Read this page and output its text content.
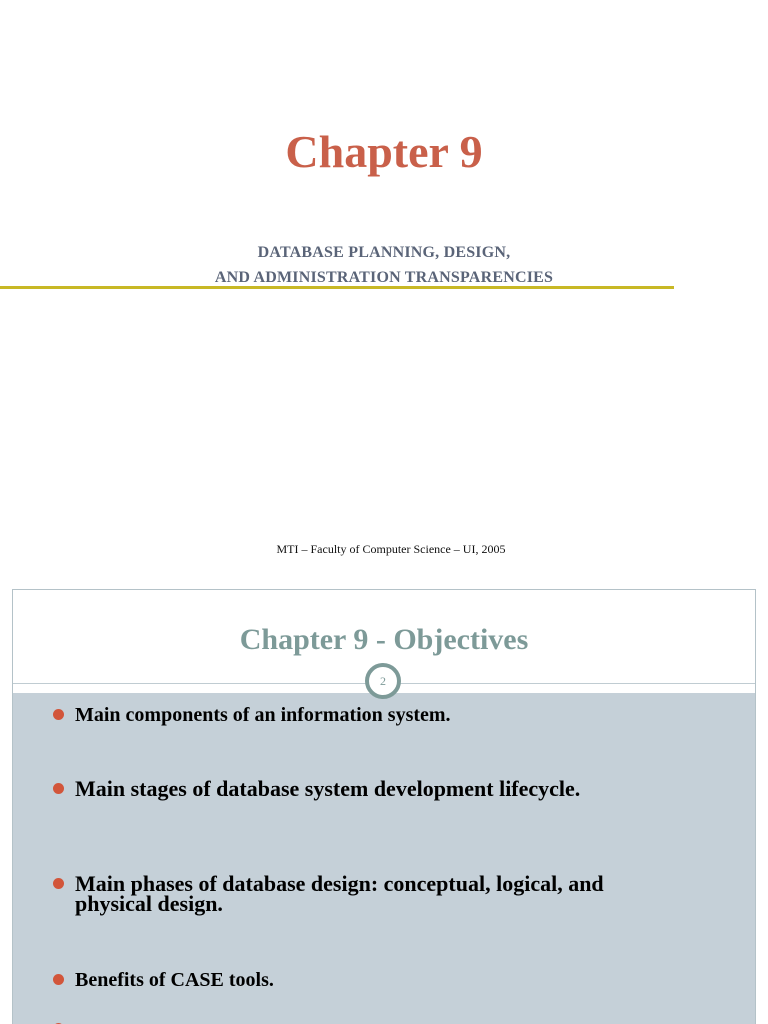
Chapter 9
DATABASE PLANNING, DESIGN,
AND ADMINISTRATION TRANSPARENCIES
MTI – Faculty of Computer Science – UI, 2005
Chapter 9 - Objectives
2
Main components of an information system.
Main stages of database system development lifecycle.
Main phases of database design: conceptual, logical, and physical design.
Benefits of CASE tools.
